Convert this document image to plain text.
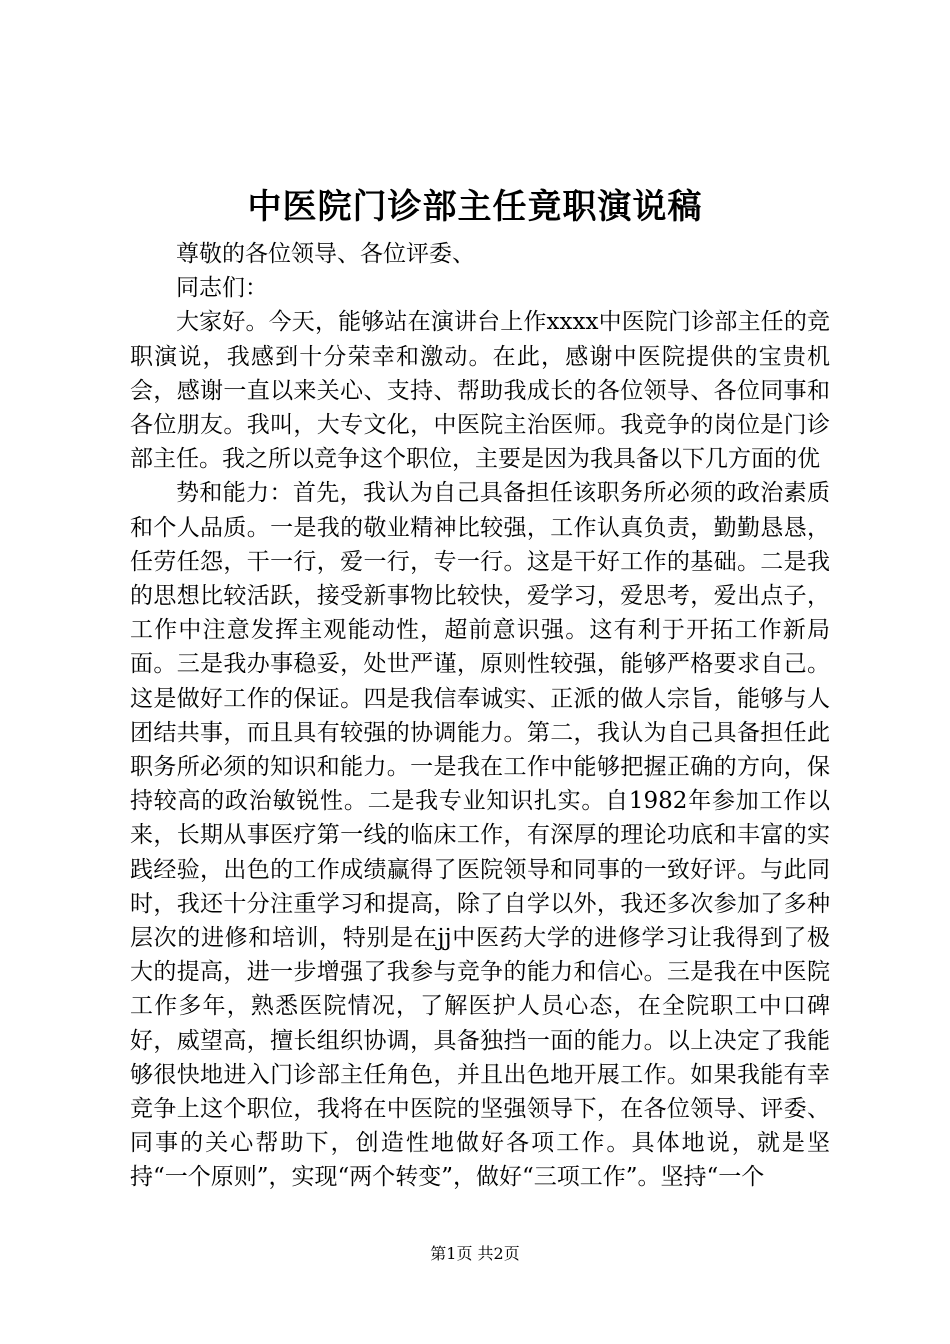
中医院门诊部主任竟职演说稿

尊敬的各位领导、各位评委、

同志们：

大家好。今天，能够站在演讲台上作xxxx中医院门诊部主任的竞职演说，我感到十分荣幸和激动。在此，感谢中医院提供的宝贵机会，感谢一直以来关心、支持、帮助我成长的各位领导、各位同事和各位朋友。我叫，大专文化，中医院主治医师。我竞争的岗位是门诊部主任。我之所以竞争这个职位，主要是因为我具备以下几方面的优

势和能力：首先，我认为自己具备担任该职务所必须的政治素质和个人品质。一是我的敬业精神比较强，工作认真负责，勤勤恳恳，任劳任怨，干一行，爱一行，专一行。这是干好工作的基础。二是我的思想比较活跃，接受新事物比较快，爱学习，爱思考，爱出点子，工作中注意发挥主观能动性，超前意识强。这有利于开拓工作新局面。三是我办事稳妥，处世严谨，原则性较强，能够严格要求自己。这是做好工作的保证。四是我信奉诚实、正派的做人宗旨，能够与人团结共事，而且具有较强的协调能力。第二，我认为自己具备担任此职务所必须的知识和能力。一是我在工作中能够把握正确的方向，保持较高的政治敏锐性。二是我专业知识扎实。自1982年参加工作以来，长期从事医疗第一线的临床工作，有深厚的理论功底和丰富的实践经验，出色的工作成绩赢得了医院领导和同事的一致好评。与此同时，我还十分注重学习和提高，除了自学以外，我还多次参加了多种层次的进修和培训，特别是在jj中医药大学的进修学习让我得到了极大的提高，进一步增强了我参与竞争的能力和信心。三是我在中医院工作多年，熟悉医院情况，了解医护人员心态，在全院职工中口碑好，威望高，擅长组织协调，具备独挡一面的能力。以上决定了我能够很快地进入门诊部主任角色，并且出色地开展工作。如果我能有幸竞争上这个职位，我将在中医院的坚强领导下，在各位领导、评委、同事的关心帮助下，创造性地做好各项工作。具体地说，就是坚持“一个原则”，实现“两个转变”，做好“三项工作”。坚持“一个

第1页 共2页
